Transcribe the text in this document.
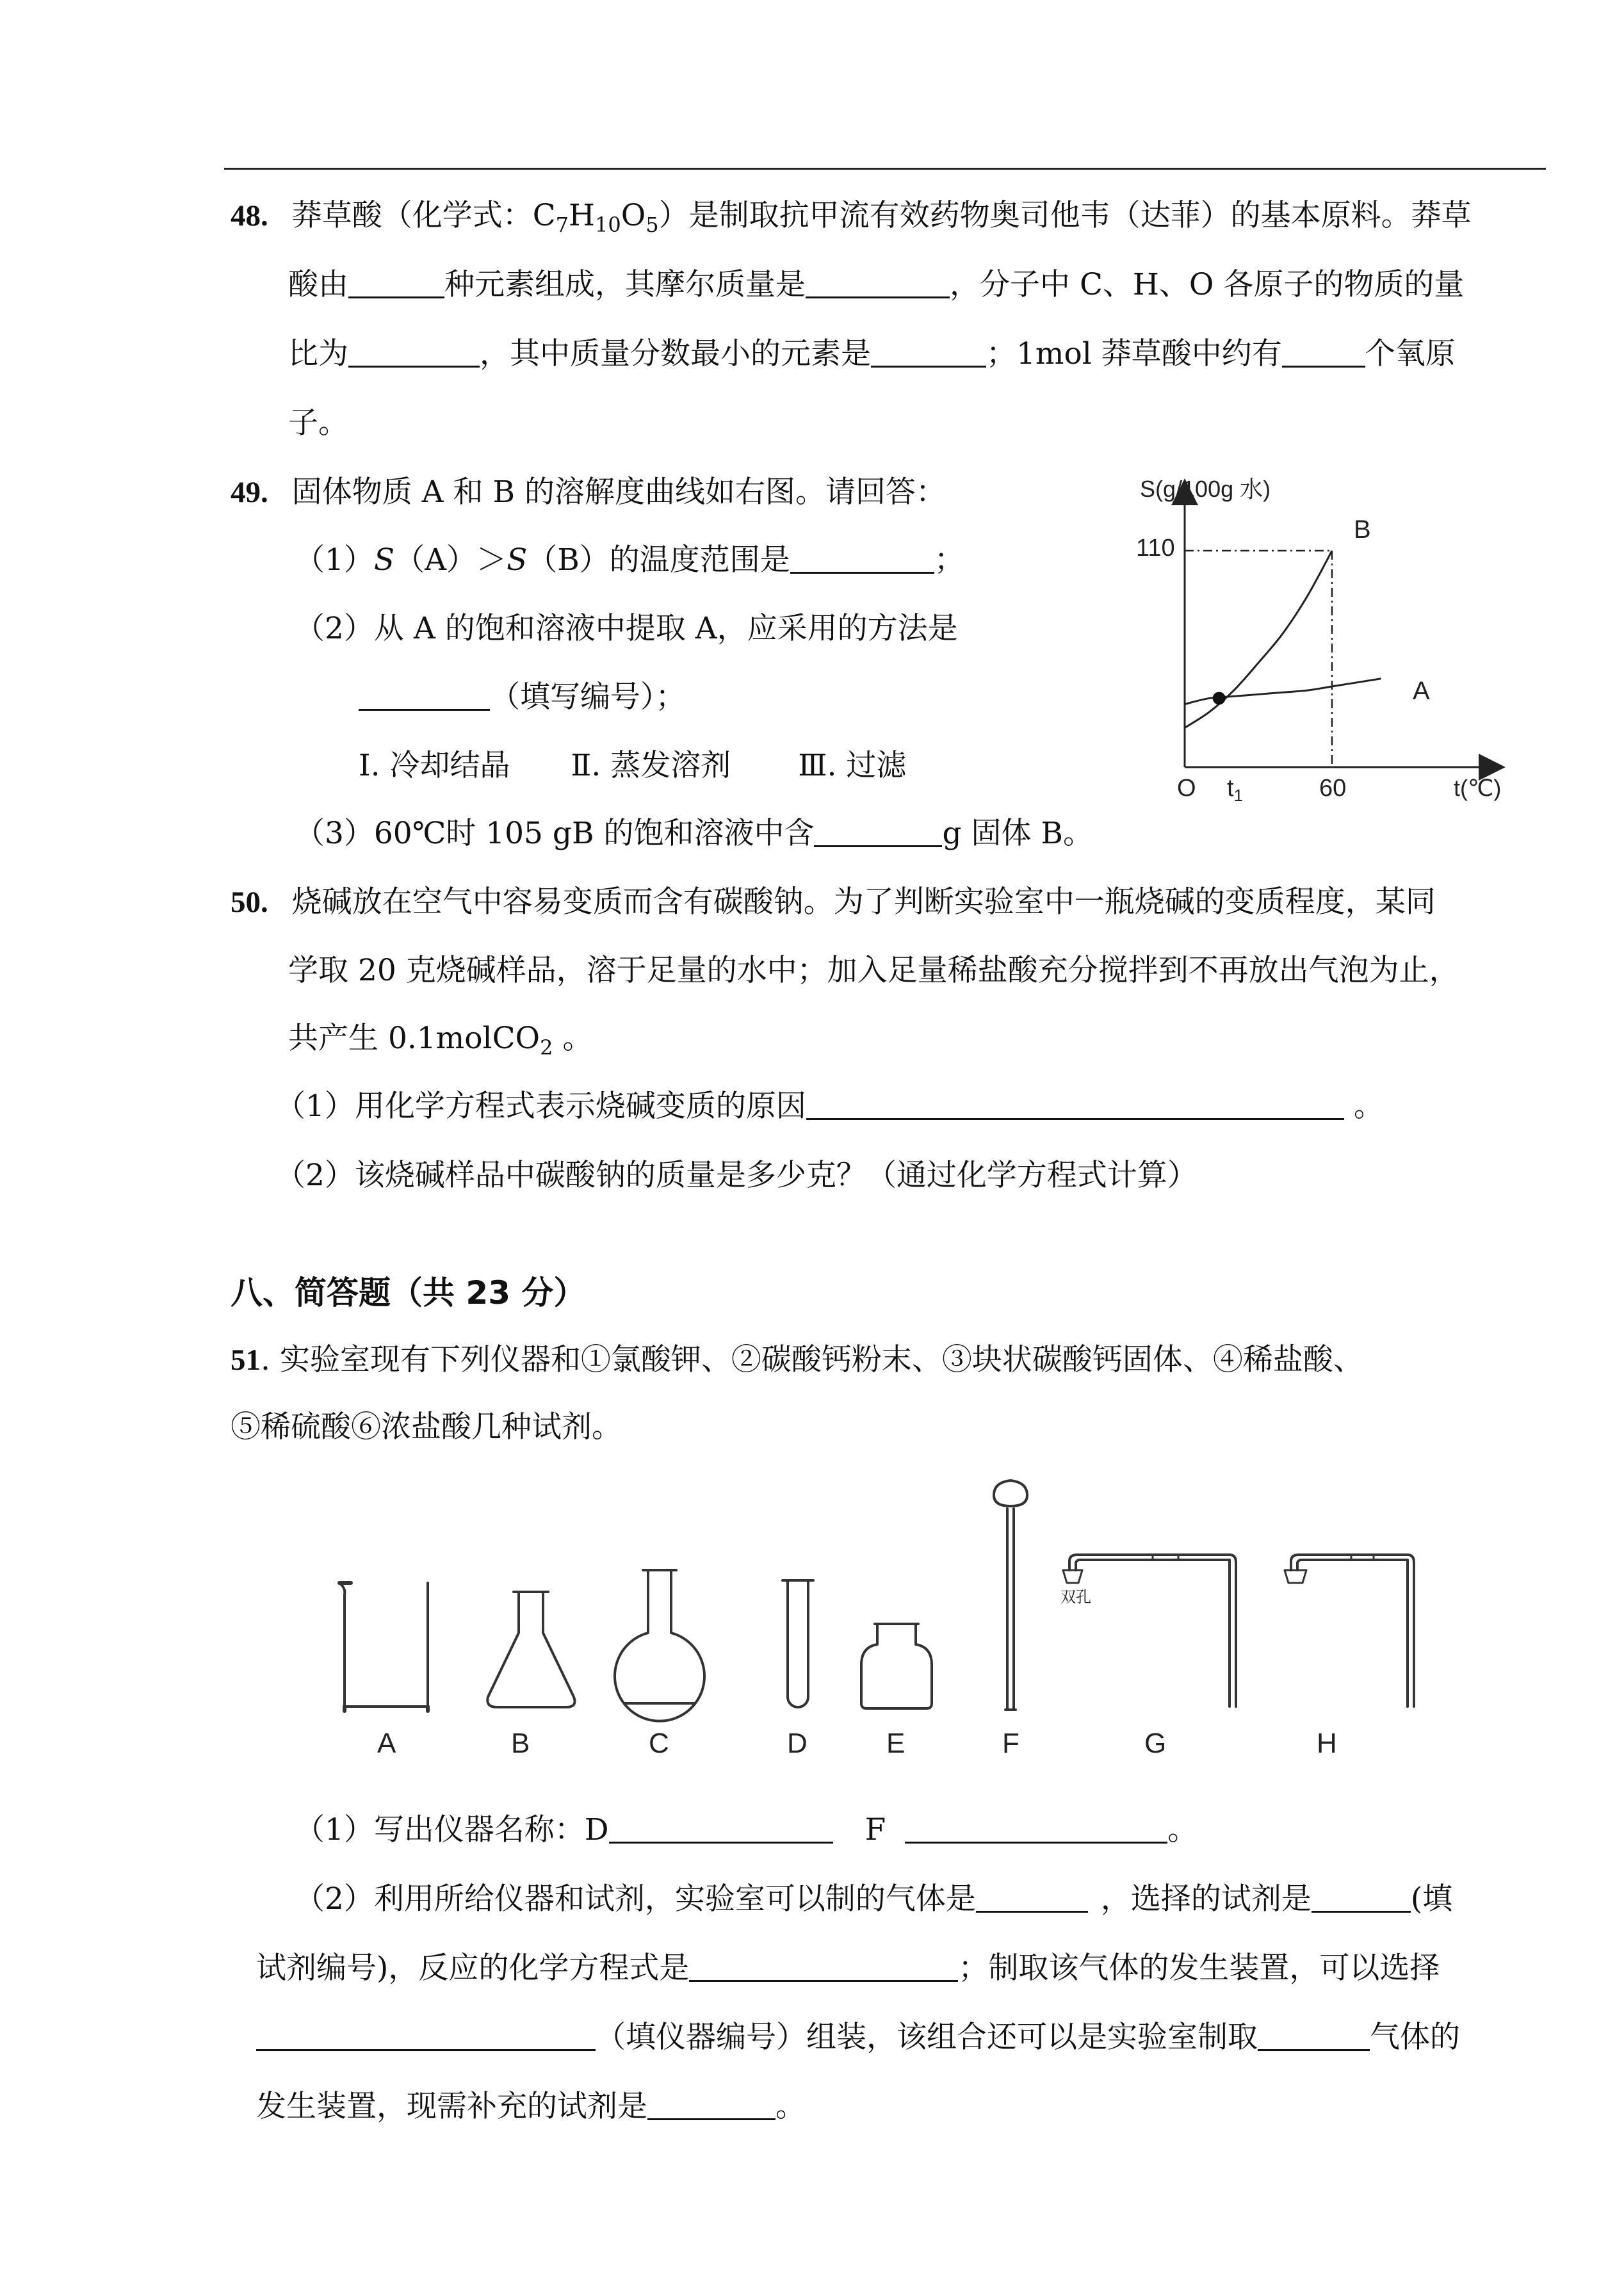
48. 莽草酸（化学式：$C_7H_{10}O_5$）是制取抗甲流有效药物奥司他韦（达菲）的基本原料。莽草
酸由	种元素组成，其摩尔质量是	，分子中 C、H、O 各原子的物质的量
比为	，其中质量分数最小的元素是	；1mol 莽草酸中约有	个氧原
子。
49. 固体物质 A 和 B 的溶解度曲线如右图。请回答：
（1）S（A）＞S（B）的温度范围是	；
（2）从 A 的饱和溶液中提取 A，应采用的方法是
（填写编号）；
Ⅰ. 冷却结晶 Ⅱ. 蒸发溶剂 Ⅲ. 过滤
（3）60℃时 105 gB 的饱和溶液中含	g 固体 B。
S(g/100g 水)
110
B
A
O $t_1$	60	t(℃)
50. 烧碱放在空气中容易变质而含有碳酸钠。为了判断实验室中一瓶烧碱的变质程度，某同
学取 20 克烧碱样品，溶于足量的水中；加入足量稀盐酸充分搅拌到不再放出气泡为止，
共产生 0.1molCO$_2$ 。
（1）用化学方程式表示烧碱变质的原因	。
（2）该烧碱样品中碳酸钠的质量是多少克？（通过化学方程式计算）
八、简答题（共 23 分）
51. 实验室现有下列仪器和①氯酸钾、②碳酸钙粉末、③块状碳酸钙固体、④稀盐酸、
⑤稀硫酸⑥浓盐酸几种试剂。
双孔
A	B	C	D	E	F	G	H
（1）写出仪器名称：D	F	。
（2）利用所给仪器和试剂，实验室可以制的气体是	，选择的试剂是	(填
试剂编号)，反应的化学方程式是	；制取该气体的发生装置，可以选择
（填仪器编号）组装，该组合还可以是实验室制取	气体的
发生装置，现需补充的试剂是	。
